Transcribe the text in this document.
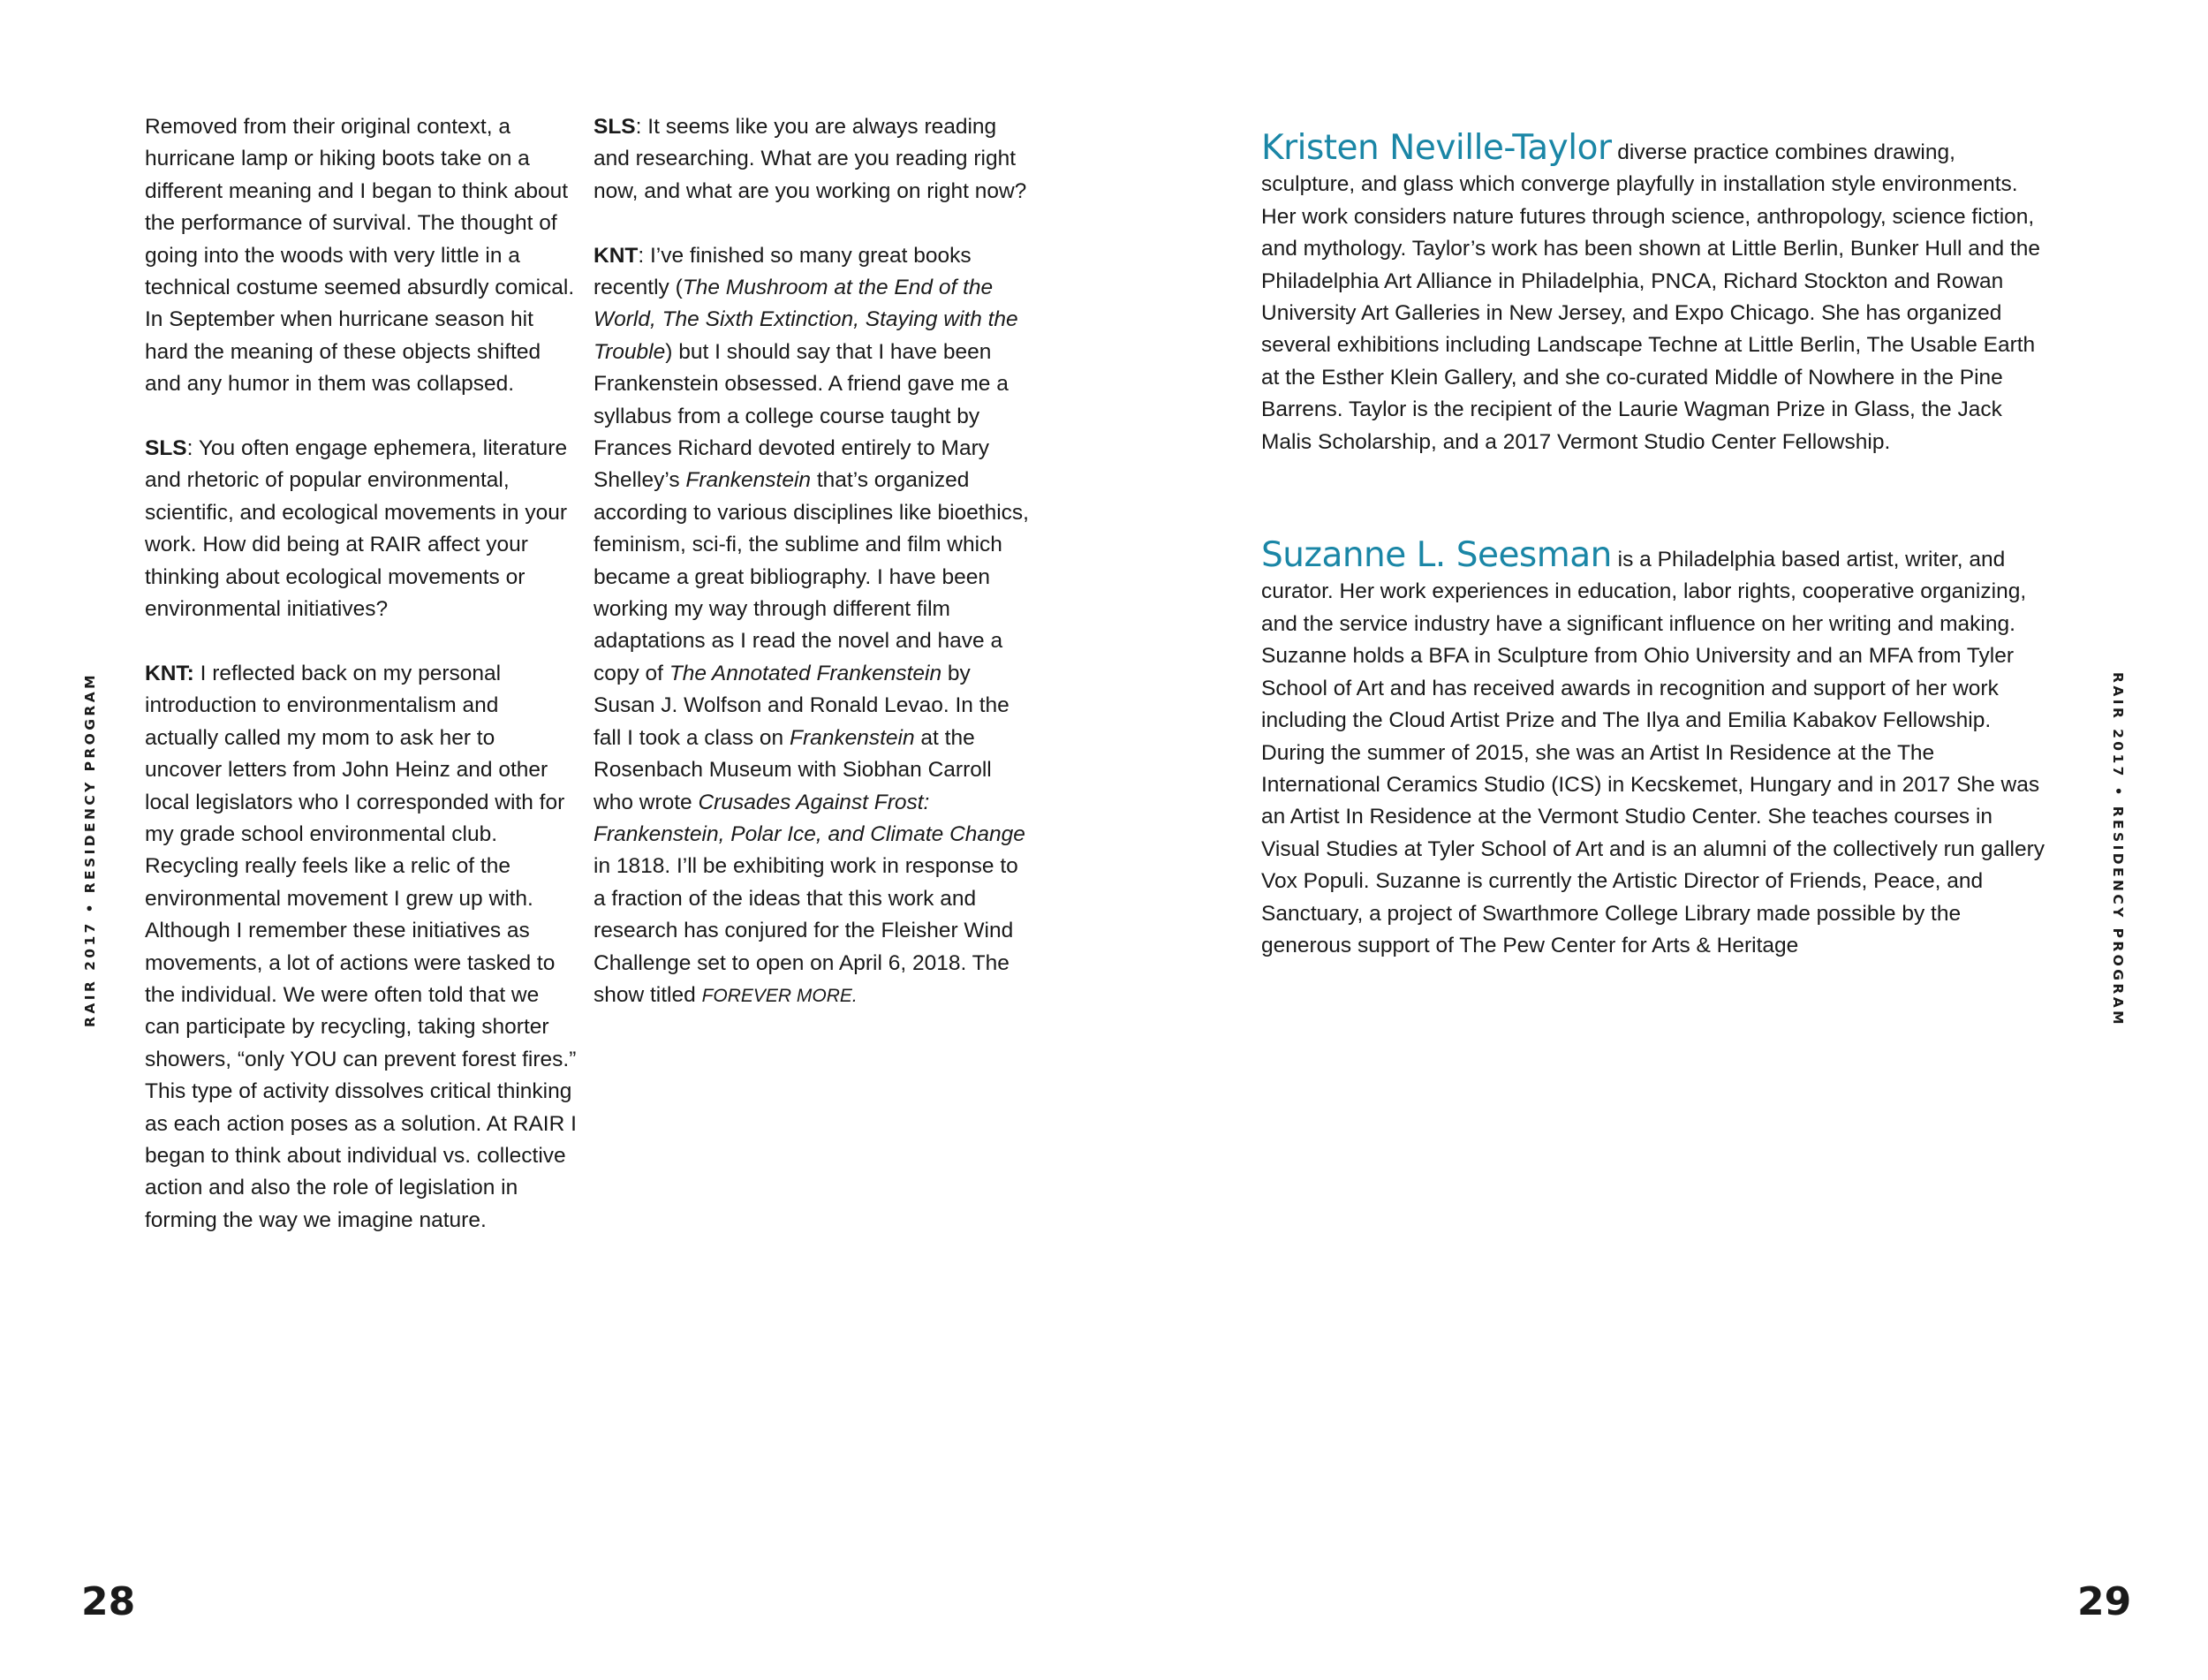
RAIR 2017 • RESIDENCY PROGRAM	RAIR 2017 • RESIDENCY PROGRAM

Removed from their original context, a hurricane lamp or hiking boots take on a different meaning and I began to think about the performance of survival. The thought of going into the woods with very little in a technical costume seemed absurdly comical. In September when hurricane season hit hard the meaning of these objects shifted and any humor in them was collapsed.

SLS: You often engage ephemera, literature and rhetoric of popular environmental, scientific, and ecological movements in your work. How did being at RAIR affect your thinking about ecological movements or environmental initiatives?

KNT: I reflected back on my personal introduction to environmentalism and actually called my mom to ask her to uncover letters from John Heinz and other local legislators who I corresponded with for my grade school environmental club. Recycling really feels like a relic of the environmental movement I grew up with. Although I remember these initiatives as movements, a lot of actions were tasked to the individual. We were often told that we can participate by recycling, taking shorter showers, “only YOU can prevent forest fires.” This type of activity dissolves critical thinking as each action poses as a solution. At RAIR I began to think about individual vs. collective action and also the role of legislation in forming the way we imagine nature.

SLS: It seems like you are always reading and researching. What are you reading right now, and what are you working on right now?

KNT: I’ve finished so many great books recently (The Mushroom at the End of the World, The Sixth Extinction, Staying with the Trouble) but I should say that I have been Frankenstein obsessed. A friend gave me a syllabus from a college course taught by Frances Richard devoted entirely to Mary Shelley’s Frankenstein that’s organized according to various disciplines like bioethics, feminism, sci-fi, the sublime and film which became a great bibliography. I have been working my way through different film adaptations as I read the novel and have a copy of The Annotated Frankenstein by Susan J. Wolfson and Ronald Levao. In the fall I took a class on Frankenstein at the Rosenbach Museum with Siobhan Carroll who wrote Crusades Against Frost: Frankenstein, Polar Ice, and Climate Change in 1818. I’ll be exhibiting work in response to a fraction of the ideas that this work and research has conjured for the Fleisher Wind Challenge set to open on April 6, 2018. The show titled FOREVER MORE.

Kristen Neville-Taylor diverse practice combines drawing, sculpture, and glass which converge playfully in installation style environments. Her work considers nature futures through science, anthropology, science fiction, and mythology. Taylor’s work has been shown at Little Berlin, Bunker Hull and the Philadelphia Art Alliance in Philadelphia, PNCA, Richard Stockton and Rowan University Art Galleries in New Jersey, and Expo Chicago. She has organized several exhibitions including Landscape Techne at Little Berlin, The Usable Earth at the Esther Klein Gallery, and she co-curated Middle of Nowhere in the Pine Barrens. Taylor is the recipient of the Laurie Wagman Prize in Glass, the Jack Malis Scholarship, and a 2017 Vermont Studio Center Fellowship.

Suzanne L. Seesman is a Philadelphia based artist, writer, and curator. Her work experiences in education, labor rights, cooperative organizing, and the service industry have a significant influence on her writing and making. Suzanne holds a BFA in Sculpture from Ohio University and an MFA from Tyler School of Art and has received awards in recognition and support of her work including the Cloud Artist Prize and The Ilya and Emilia Kabakov Fellowship. During the summer of 2015, she was an Artist In Residence at the The International Ceramics Studio (ICS) in Kecskemet, Hungary and in 2017 She was an Artist In Residence at the Vermont Studio Center. She teaches courses in Visual Studies at Tyler School of Art and is an alumni of the collectively run gallery Vox Populi. Suzanne is currently the Artistic Director of Friends, Peace, and Sanctuary, a project of Swarthmore College Library made possible by the generous support of The Pew Center for Arts & Heritage

28	29
